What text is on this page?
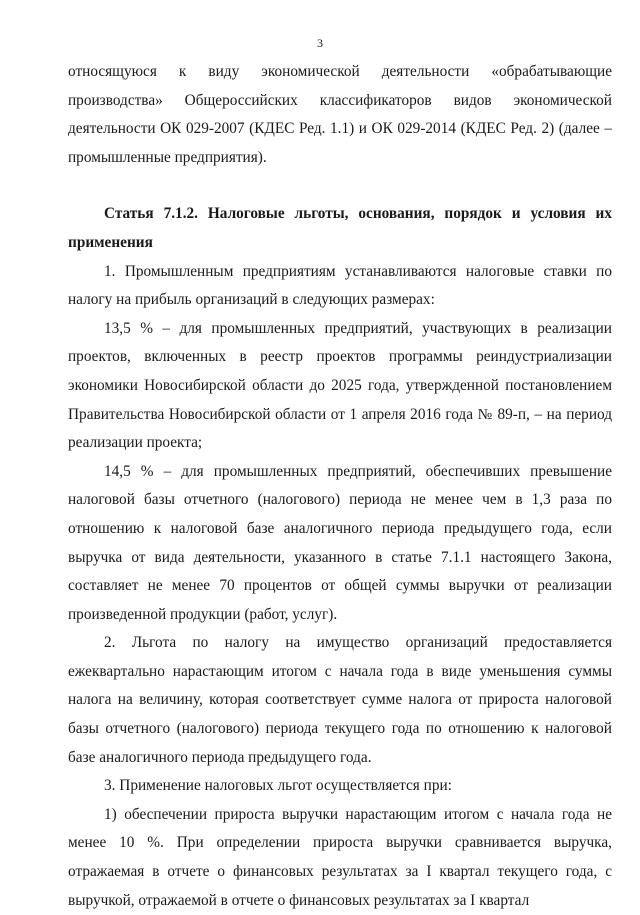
3

относящуюся к виду экономической деятельности «обрабатывающие производства» Общероссийских классификаторов видов экономической деятельности ОК 029-2007 (КДЕС Ред. 1.1) и ОК 029-2014 (КДЕС Ред. 2) (далее – промышленные предприятия).

Статья 7.1.2. Налоговые льготы, основания, порядок и условия их применения

1. Промышленным предприятиям устанавливаются налоговые ставки по налогу на прибыль организаций в следующих размерах:

13,5 % – для промышленных предприятий, участвующих в реализации проектов, включенных в реестр проектов программы реиндустриализации экономики Новосибирской области до 2025 года, утвержденной постановлением Правительства Новосибирской области от 1 апреля 2016 года № 89-п, – на период реализации проекта;

14,5 % – для промышленных предприятий, обеспечивших превышение налоговой базы отчетного (налогового) периода не менее чем в 1,3 раза по отношению к налоговой базе аналогичного периода предыдущего года, если выручка от вида деятельности, указанного в статье 7.1.1 настоящего Закона, составляет не менее 70 процентов от общей суммы выручки от реализации произведенной продукции (работ, услуг).

2. Льгота по налогу на имущество организаций предоставляется ежеквартально нарастающим итогом с начала года в виде уменьшения суммы налога на величину, которая соответствует сумме налога от прироста налоговой базы отчетного (налогового) периода текущего года по отношению к налоговой базе аналогичного периода предыдущего года.

3. Применение налоговых льгот осуществляется при:

1) обеспечении прироста выручки нарастающим итогом с начала года не менее 10 %. При определении прироста выручки сравнивается выручка, отражаемая в отчете о финансовых результатах за I квартал текущего года, с выручкой, отражаемой в отчете о финансовых результатах за I квартал
